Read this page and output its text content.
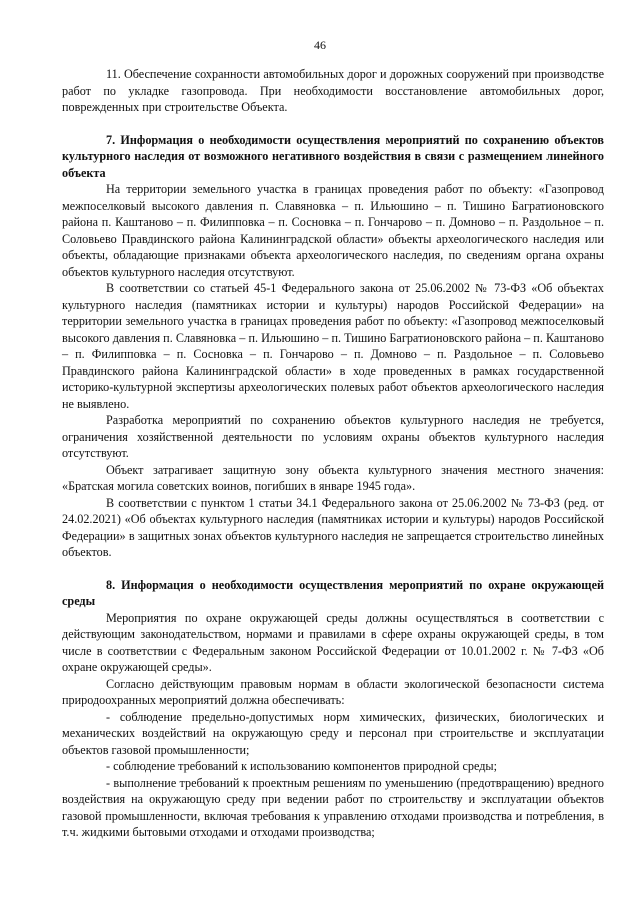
46

11. Обеспечение сохранности автомобильных дорог и дорожных сооружений при производстве работ по укладке газопровода. При необходимости восстановление автомобильных дорог, поврежденных при строительстве Объекта.

7. Информация о необходимости осуществления мероприятий по сохранению объектов культурного наследия от возможного негативного воздействия в связи с размещением линейного объекта

На территории земельного участка в границах проведения работ по объекту: «Газопровод межпоселковый высокого давления п. Славяновка – п. Ильюшино – п. Тишино Багратионовского района п. Каштаново – п. Филипповка – п. Сосновка – п. Гончарово – п. Домново – п. Раздольное – п. Соловьево Правдинского района Калининградской области» объекты археологического наследия или объекты, обладающие признаками объекта археологического наследия, по сведениям органа охраны объектов культурного наследия отсутствуют.

В соответствии со статьей 45-1 Федерального закона от 25.06.2002 № 73-ФЗ «Об объектах культурного наследия (памятниках истории и культуры) народов Российской Федерации» на территории земельного участка в границах проведения работ по объекту: «Газопровод межпоселковый высокого давления п. Славяновка – п. Ильюшино – п. Тишино Багратионовского района – п. Каштаново – п. Филипповка – п. Сосновка – п. Гончарово – п. Домново – п. Раздольное – п. Соловьево Правдинского района Калининградской области» в ходе проведенных в рамках государственной историко-культурной экспертизы археологических полевых работ объектов археологического наследия не выявлено.

Разработка мероприятий по сохранению объектов культурного наследия не требуется, ограничения хозяйственной деятельности по условиям охраны объектов культурного наследия отсутствуют.

Объект затрагивает защитную зону объекта культурного значения местного значения: «Братская могила советских воинов, погибших в январе 1945 года».

В соответствии с пунктом 1 статьи 34.1 Федерального закона от 25.06.2002 № 73-ФЗ (ред. от 24.02.2021) «Об объектах культурного наследия (памятниках истории и культуры) народов Российской Федерации» в защитных зонах объектов культурного наследия не запрещается строительство линейных объектов.

8. Информация о необходимости осуществления мероприятий по охране окружающей среды

Мероприятия по охране окружающей среды должны осуществляться в соответствии с действующим законодательством, нормами и правилами в сфере охраны окружающей среды, в том числе в соответствии с Федеральным законом Российской Федерации от 10.01.2002 г. № 7-ФЗ «Об охране окружающей среды».

Согласно действующим правовым нормам в области экологической безопасности система природоохранных мероприятий должна обеспечивать:

- соблюдение предельно-допустимых норм химических, физических, биологических и механических воздействий на окружающую среду и персонал при строительстве и эксплуатации объектов газовой промышленности;

- соблюдение требований к использованию компонентов природной среды;

- выполнение требований к проектным решениям по уменьшению (предотвращению) вредного воздействия на окружающую среду при ведении работ по строительству и эксплуатации объектов газовой промышленности, включая требования к управлению отходами производства и потребления, в т.ч. жидкими бытовыми отходами и отходами производства;
